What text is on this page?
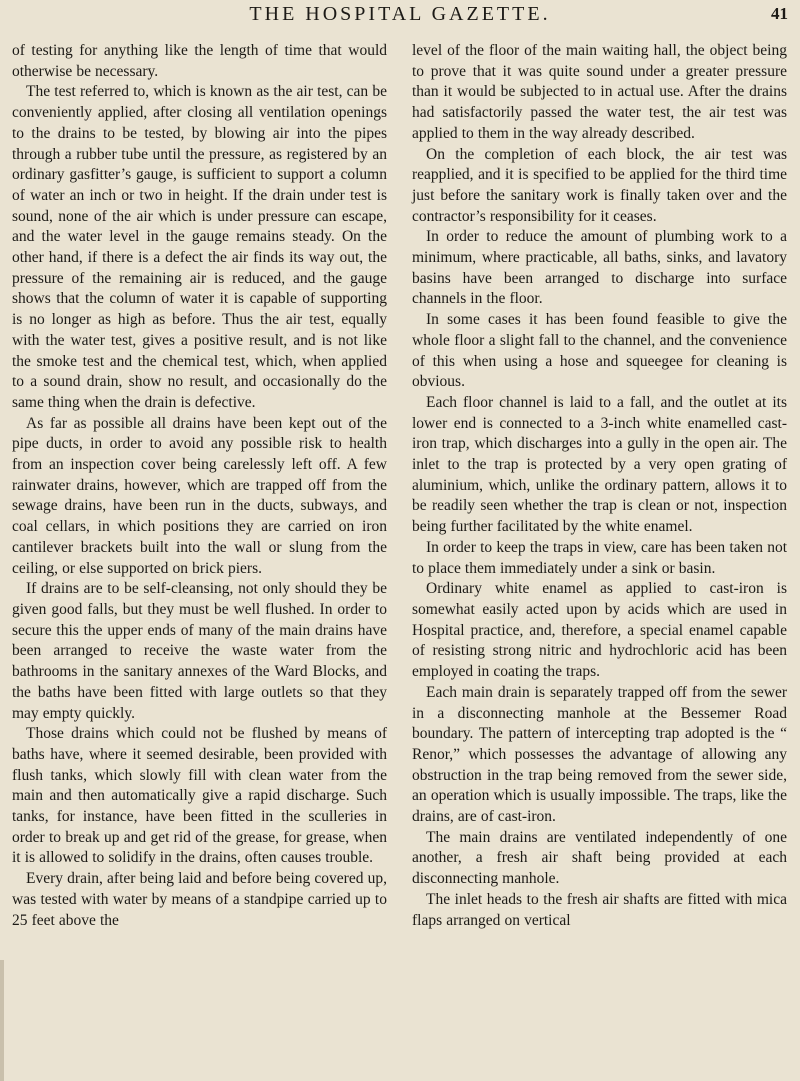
THE HOSPITAL GAZETTE.	41

of testing for anything like the length of time that would otherwise be necessary.

The test referred to, which is known as the air test, can be conveniently applied, after closing all ventilation openings to the drains to be tested, by blowing air into the pipes through a rubber tube until the pressure, as registered by an ordinary gasfitter’s gauge, is sufficient to support a column of water an inch or two in height. If the drain under test is sound, none of the air which is under pressure can escape, and the water level in the gauge remains steady. On the other hand, if there is a defect the air finds its way out, the pressure of the remaining air is reduced, and the gauge shows that the column of water it is capable of supporting is no longer as high as before. Thus the air test, equally with the water test, gives a positive result, and is not like the smoke test and the chemical test, which, when applied to a sound drain, show no result, and occasionally do the same thing when the drain is defective.

As far as possible all drains have been kept out of the pipe ducts, in order to avoid any possible risk to health from an inspection cover being carelessly left off. A few rainwater drains, however, which are trapped off from the sewage drains, have been run in the ducts, subways, and coal cellars, in which positions they are carried on iron cantilever brackets built into the wall or slung from the ceiling, or else supported on brick piers.

If drains are to be self-cleansing, not only should they be given good falls, but they must be well flushed. In order to secure this the upper ends of many of the main drains have been arranged to receive the waste water from the bathrooms in the sanitary annexes of the Ward Blocks, and the baths have been fitted with large outlets so that they may empty quickly.

Those drains which could not be flushed by means of baths have, where it seemed desirable, been provided with flush tanks, which slowly fill with clean water from the main and then automatically give a rapid discharge. Such tanks, for instance, have been fitted in the sculleries in order to break up and get rid of the grease, for grease, when it is allowed to solidify in the drains, often causes trouble.

Every drain, after being laid and before being covered up, was tested with water by means of a standpipe carried up to 25 feet above the

level of the floor of the main waiting hall, the object being to prove that it was quite sound under a greater pressure than it would be subjected to in actual use. After the drains had satisfactorily passed the water test, the air test was applied to them in the way already described.

On the completion of each block, the air test was reapplied, and it is specified to be applied for the third time just before the sanitary work is finally taken over and the contractor’s responsibility for it ceases.

In order to reduce the amount of plumbing work to a minimum, where practicable, all baths, sinks, and lavatory basins have been arranged to discharge into surface channels in the floor.

In some cases it has been found feasible to give the whole floor a slight fall to the channel, and the convenience of this when using a hose and squeegee for cleaning is obvious.

Each floor channel is laid to a fall, and the outlet at its lower end is connected to a 3-inch white enamelled cast-iron trap, which discharges into a gully in the open air. The inlet to the trap is protected by a very open grating of aluminium, which, unlike the ordinary pattern, allows it to be readily seen whether the trap is clean or not, inspection being further facilitated by the white enamel.

In order to keep the traps in view, care has been taken not to place them immediately under a sink or basin.

Ordinary white enamel as applied to cast-iron is somewhat easily acted upon by acids which are used in Hospital practice, and, therefore, a special enamel capable of resisting strong nitric and hydrochloric acid has been employed in coating the traps.

Each main drain is separately trapped off from the sewer in a disconnecting manhole at the Bessemer Road boundary. The pattern of intercepting trap adopted is the “ Renor,” which possesses the advantage of allowing any obstruction in the trap being removed from the sewer side, an operation which is usually impossible. The traps, like the drains, are of cast-iron.

The main drains are ventilated independently of one another, a fresh air shaft being provided at each disconnecting manhole.

The inlet heads to the fresh air shafts are fitted with mica flaps arranged on vertical
